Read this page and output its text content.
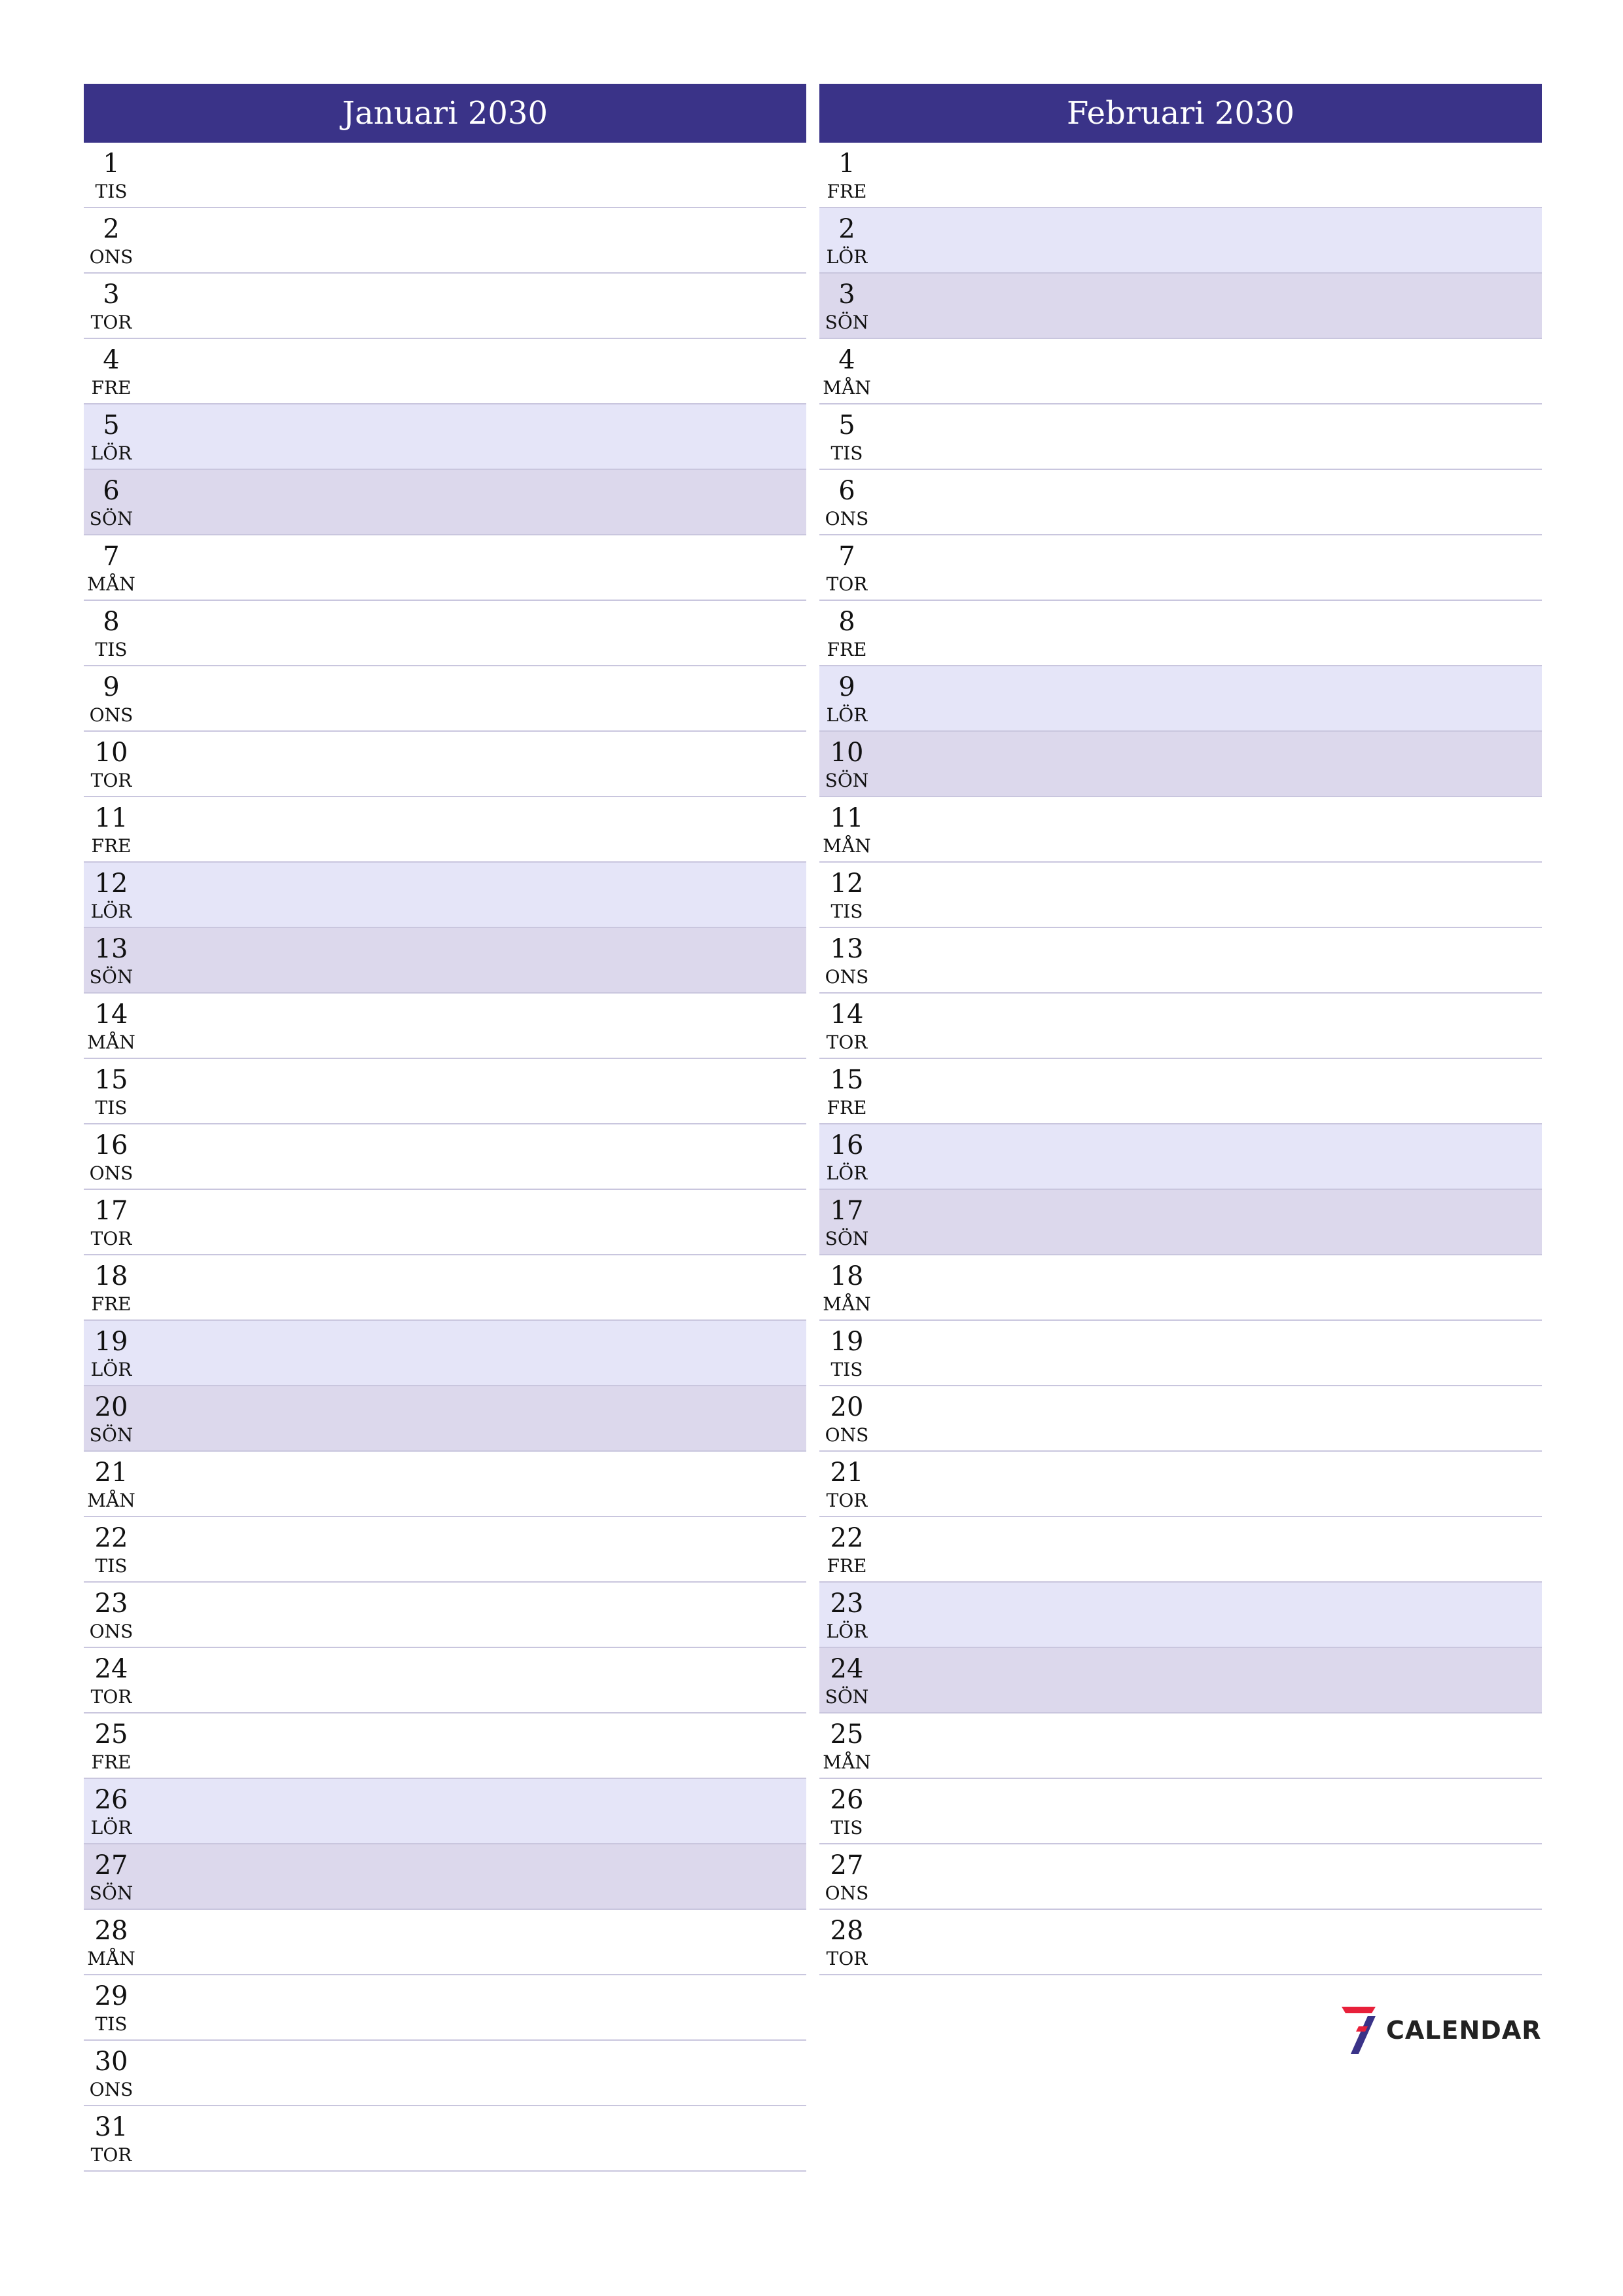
Januari 2030
1
TIS
2
ONS
3
TOR
4
FRE
5
LÖR
6
SÖN
7
MÅN
8
TIS
9
ONS
10
TOR
11
FRE
12
LÖR
13
SÖN
14
MÅN
15
TIS
16
ONS
17
TOR
18
FRE
19
LÖR
20
SÖN
21
MÅN
22
TIS
23
ONS
24
TOR
25
FRE
26
LÖR
27
SÖN
28
MÅN
29
TIS
30
ONS
31
TOR
Februari 2030
1
FRE
2
LÖR
3
SÖN
4
MÅN
5
TIS
6
ONS
7
TOR
8
FRE
9
LÖR
10
SÖN
11
MÅN
12
TIS
13
ONS
14
TOR
15
FRE
16
LÖR
17
SÖN
18
MÅN
19
TIS
20
ONS
21
TOR
22
FRE
23
LÖR
24
SÖN
25
MÅN
26
TIS
27
ONS
28
TOR
CALENDAR
